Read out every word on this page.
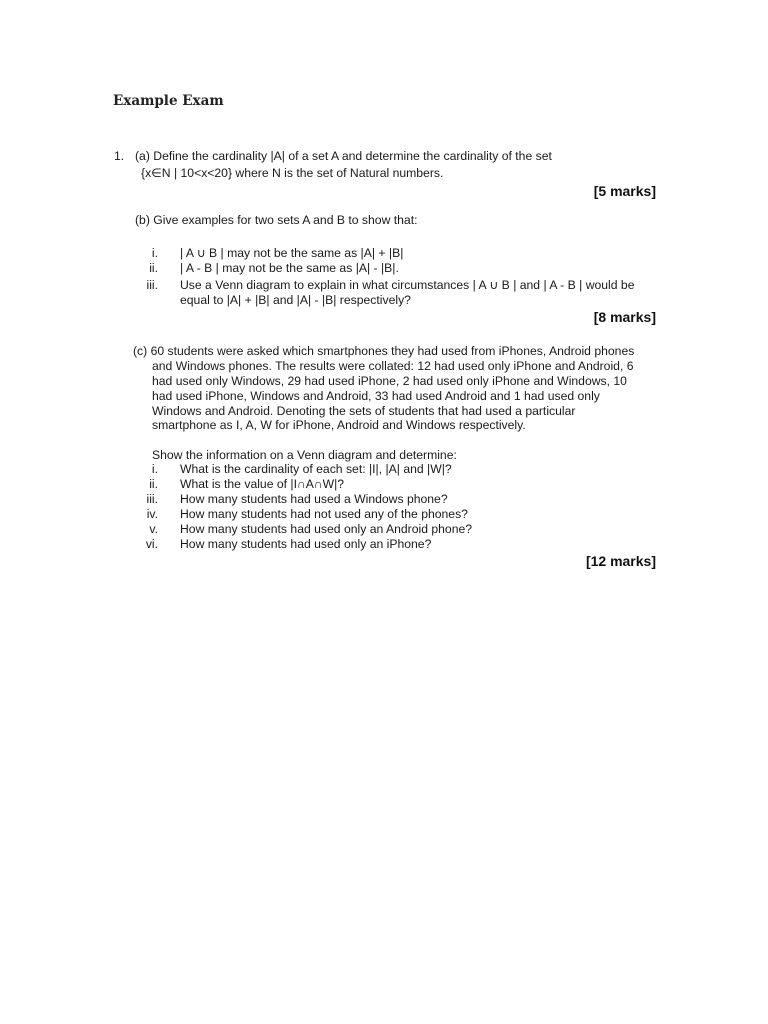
Example Exam
1. (a) Define the cardinality |A| of a set A and determine the cardinality of the set
{x∈N | 10<x<20} where N is the set of Natural numbers.
[5 marks]
(b) Give examples for two sets A and B to show that:
i. | A ∪ B | may not be the same as |A| + |B|
ii. | A - B | may not be the same as |A| - |B|.
iii. Use a Venn diagram to explain in what circumstances | A ∪ B | and | A - B | would be
equal to |A| + |B| and |A| - |B| respectively?
[8 marks]
(c) 60 students were asked which smartphones they had used from iPhones, Android phones
and Windows phones. The results were collated: 12 had used only iPhone and Android, 6
had used only Windows, 29 had used iPhone, 2 had used only iPhone and Windows, 10
had used iPhone, Windows and Android, 33 had used Android and 1 had used only
Windows and Android. Denoting the sets of students that had used a particular
smartphone as I, A, W for iPhone, Android and Windows respectively.
Show the information on a Venn diagram and determine:
i. What is the cardinality of each set: |I|, |A| and |W|?
ii. What is the value of |I∩A∩W|?
iii. How many students had used a Windows phone?
iv. How many students had not used any of the phones?
v. How many students had used only an Android phone?
vi. How many students had used only an iPhone?
[12 marks]
